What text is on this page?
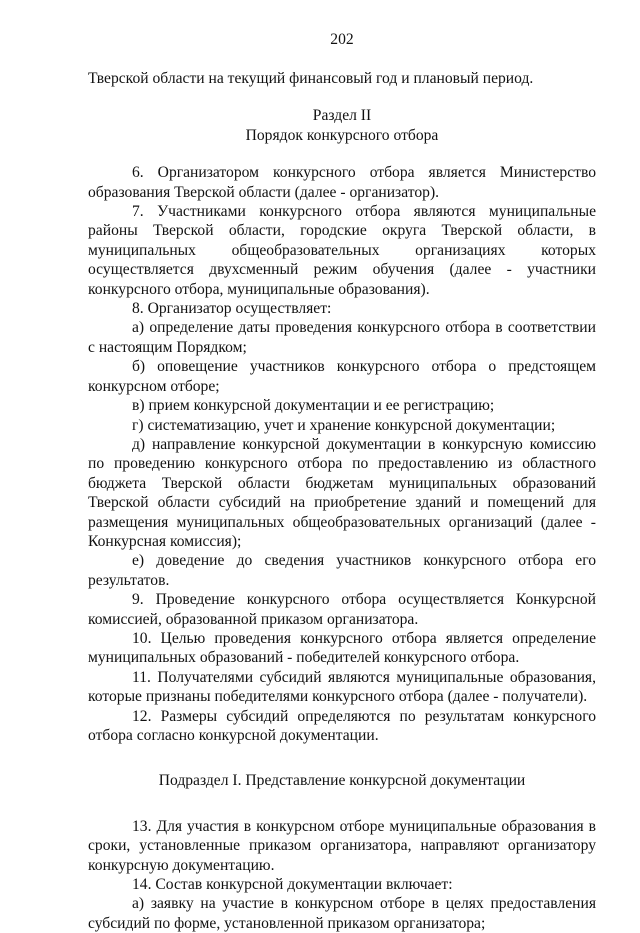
202

Тверской области на текущий финансовый год и плановый период.

Раздел II

Порядок конкурсного отбора

6. Организатором конкурсного отбора является Министерство образования Тверской области (далее - организатор).

7. Участниками конкурсного отбора являются муниципальные районы Тверской области, городские округа Тверской области, в муниципальных общеобразовательных организациях которых осуществляется двухсменный режим обучения (далее - участники конкурсного отбора, муниципальные образования).

8. Организатор осуществляет:

а) определение даты проведения конкурсного отбора в соответствии с настоящим Порядком;

б) оповещение участников конкурсного отбора о предстоящем конкурсном отборе;

в) прием конкурсной документации и ее регистрацию;

г) систематизацию, учет и хранение конкурсной документации;

д) направление конкурсной документации в конкурсную комиссию по проведению конкурсного отбора по предоставлению из областного бюджета Тверской области бюджетам муниципальных образований Тверской области субсидий на приобретение зданий и помещений для размещения муниципальных общеобразовательных организаций (далее - Конкурсная комиссия);

е) доведение до сведения участников конкурсного отбора его результатов.

9. Проведение конкурсного отбора осуществляется Конкурсной комиссией, образованной приказом организатора.

10. Целью проведения конкурсного отбора является определение муниципальных образований - победителей конкурсного отбора.

11. Получателями субсидий являются муниципальные образования, которые признаны победителями конкурсного отбора (далее - получатели).

12. Размеры субсидий определяются по результатам конкурсного отбора согласно конкурсной документации.

Подраздел I. Представление конкурсной документации

13. Для участия в конкурсном отборе муниципальные образования в сроки, установленные приказом организатора, направляют организатору конкурсную документацию.

14. Состав конкурсной документации включает:

а) заявку на участие в конкурсном отборе в целях предоставления субсидий по форме, установленной приказом организатора;
